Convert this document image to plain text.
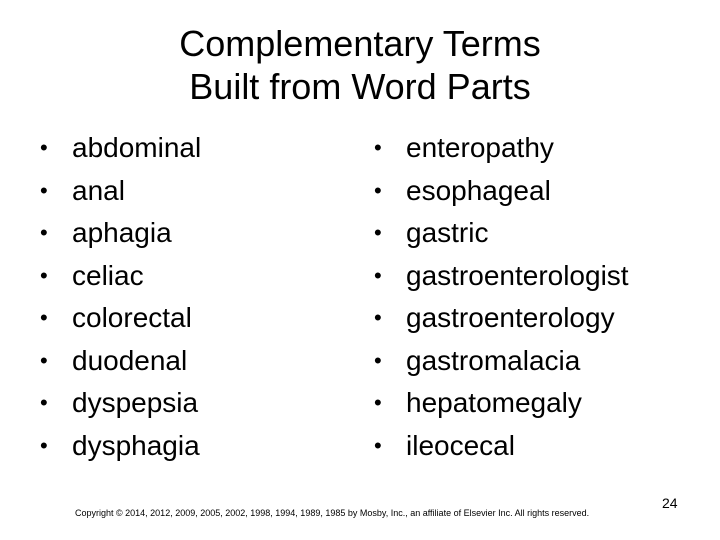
Complementary Terms
Built from Word Parts
• abdominal
• anal
• aphagia
• celiac
• colorectal
• duodenal
• dyspepsia
• dysphagia
• enteropathy
• esophageal
• gastric
• gastroenterologist
• gastroenterology
• gastromalacia
• hepatomegaly
• ileocecal
Copyright © 2014, 2012, 2009, 2005, 2002, 1998, 1994, 1989, 1985 by Mosby, Inc., an affiliate of Elsevier Inc. All rights reserved.
24
